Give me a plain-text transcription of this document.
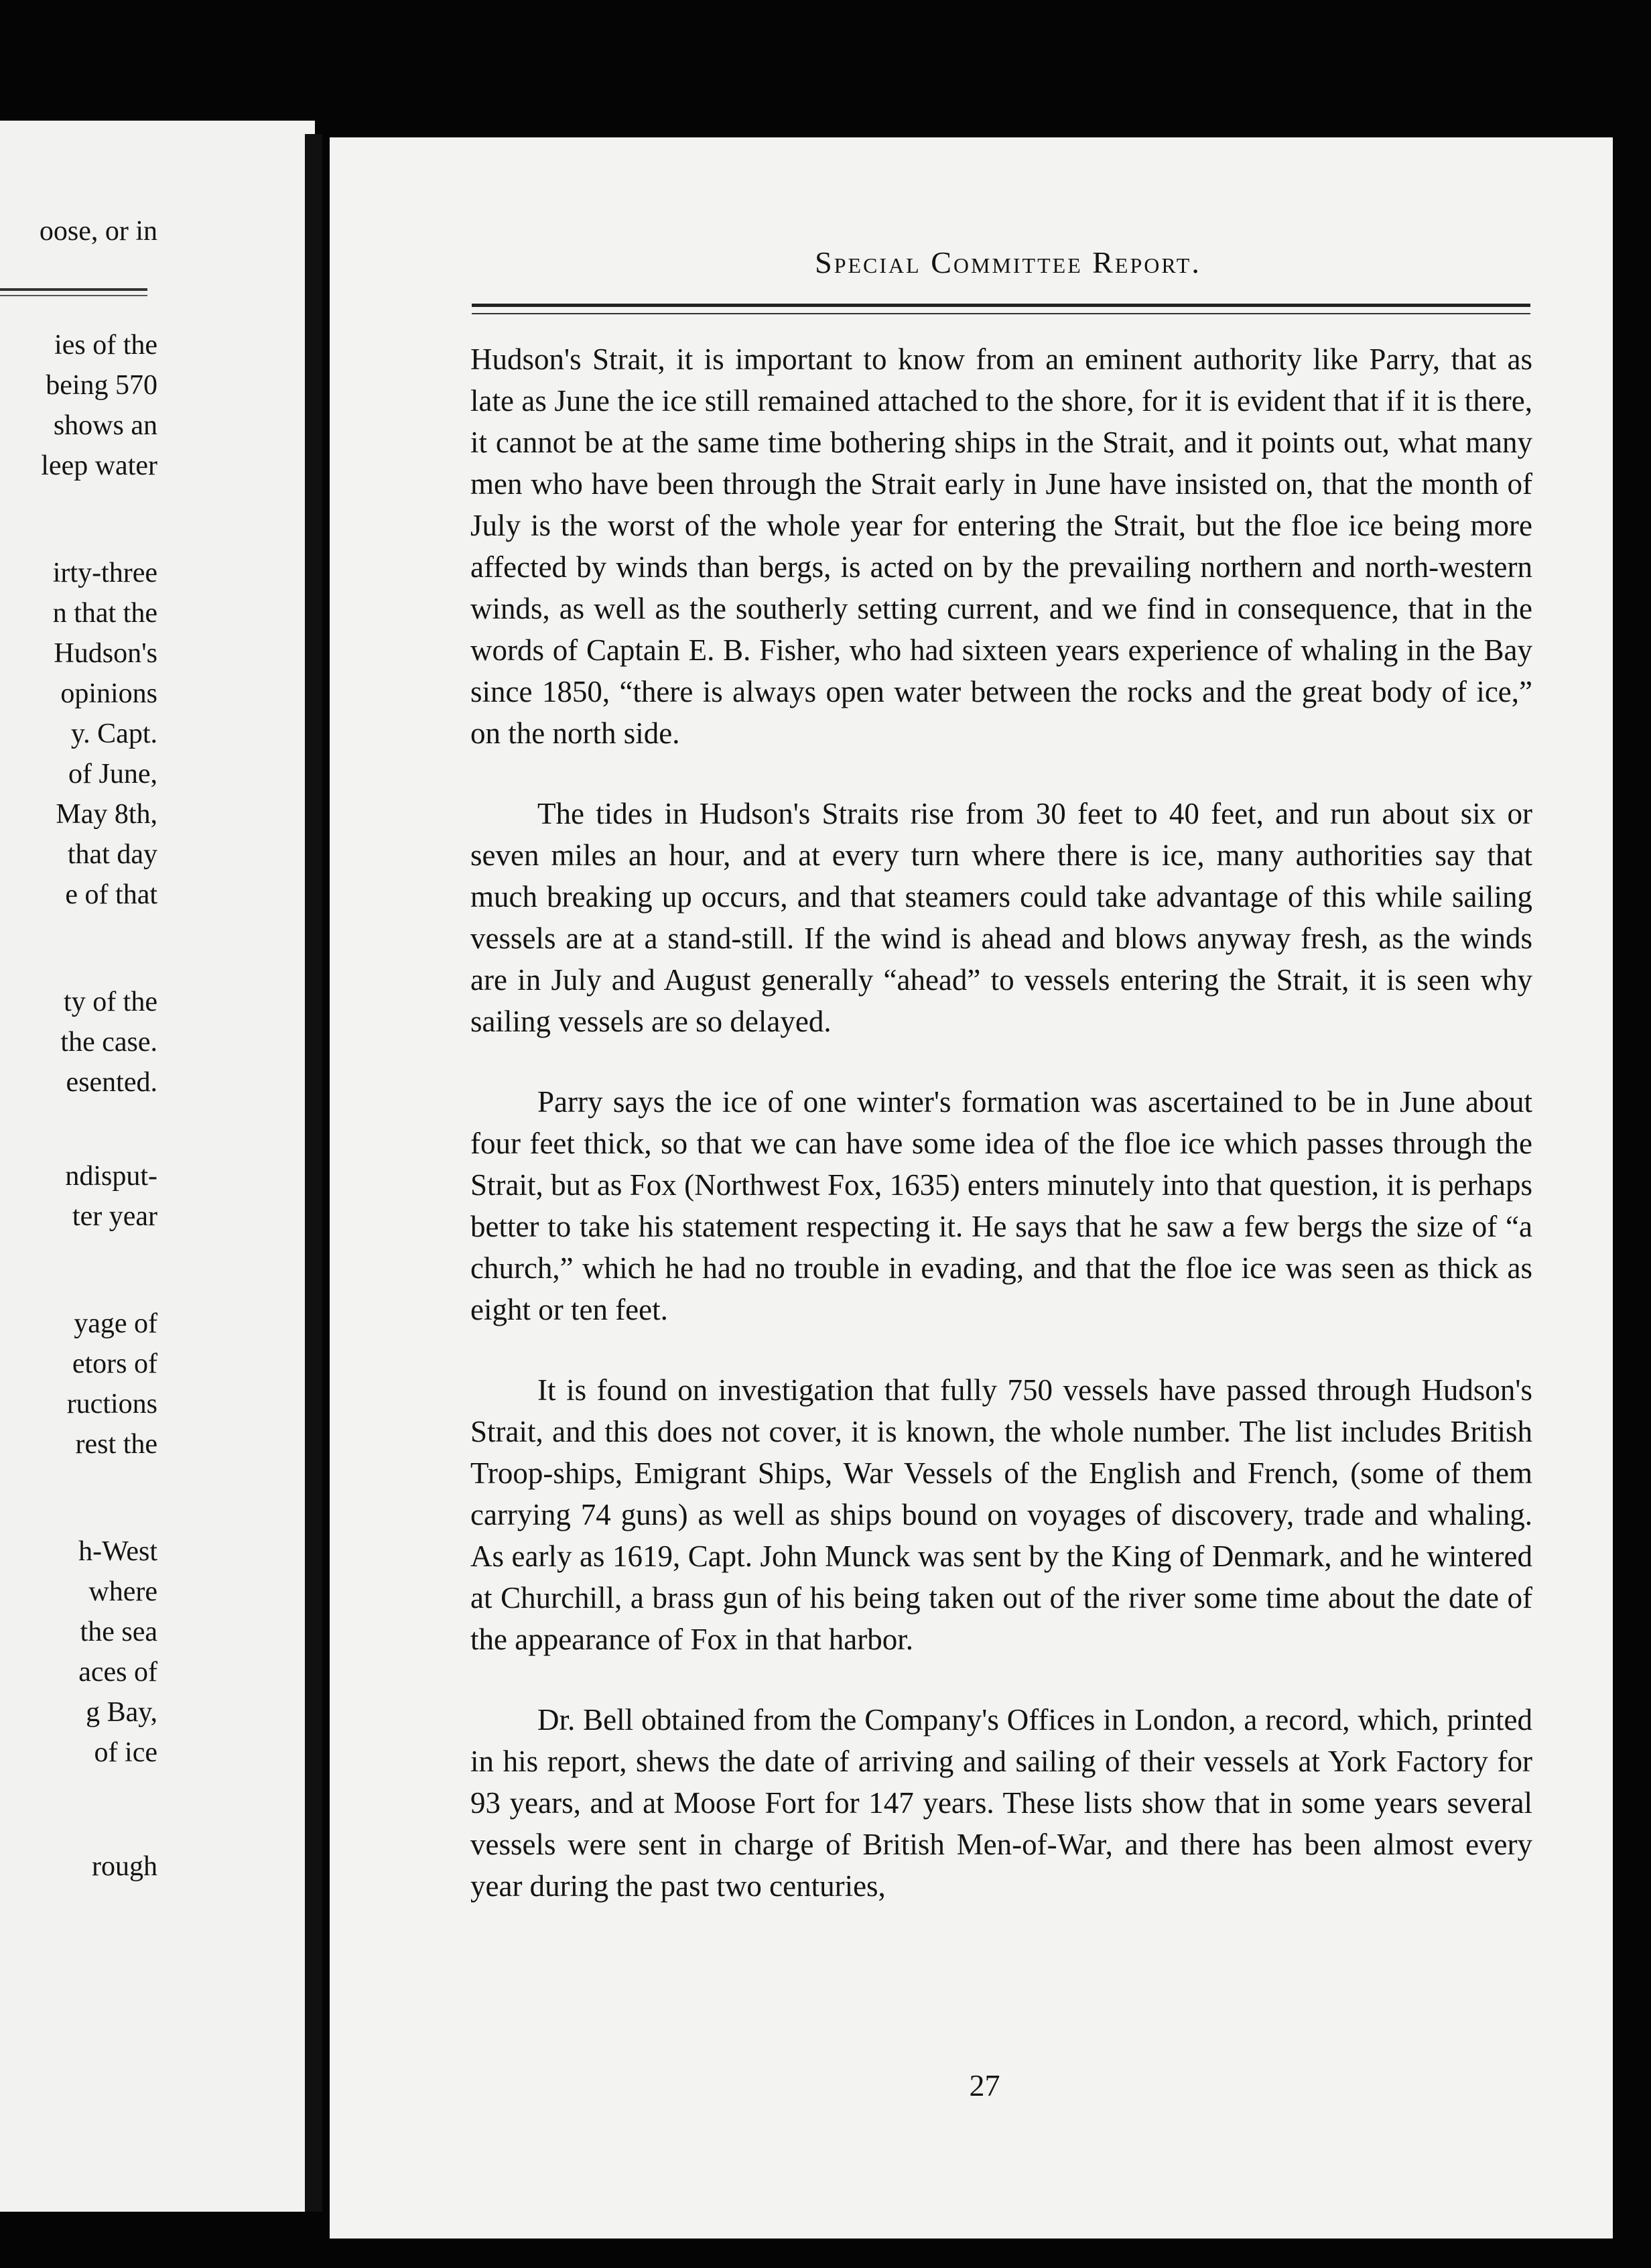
oose, or in
ies of the
being 570
shows an
leep water
irty-three
n that the
Hudson's
opinions
y. Capt.
of June,
May 8th,
that day
e of that
ty of the
the case.
esented.
ndisput-
ter year
yage of
etors of
ructions
rest the
h-West
where
the sea
aces of
g Bay,
of ice
rough
Special Committee Report.

Hudson's Strait, it is important to know from an eminent authority like Parry, that as late as June the ice still remained attached to the shore, for it is evident that if it is there, it cannot be at the same time bothering ships in the Strait, and it points out, what many men who have been through the Strait early in June have insisted on, that the month of July is the worst of the whole year for entering the Strait, but the floe ice being more affected by winds than bergs, is acted on by the prevailing northern and north-western winds, as well as the southerly setting current, and we find in consequence, that in the words of Captain E. B. Fisher, who had sixteen years experience of whaling in the Bay since 1850, “there is always open water between the rocks and the great body of ice,” on the north side.

The tides in Hudson's Straits rise from 30 feet to 40 feet, and run about six or seven miles an hour, and at every turn where there is ice, many authorities say that much breaking up occurs, and that steamers could take advantage of this while sailing vessels are at a stand-still. If the wind is ahead and blows anyway fresh, as the winds are in July and August generally “ahead” to vessels entering the Strait, it is seen why sailing vessels are so delayed.

Parry says the ice of one winter's formation was ascertained to be in June about four feet thick, so that we can have some idea of the floe ice which passes through the Strait, but as Fox (Northwest Fox, 1635) enters minutely into that question, it is perhaps better to take his statement respecting it. He says that he saw a few bergs the size of “a church,” which he had no trouble in evading, and that the floe ice was seen as thick as eight or ten feet.

It is found on investigation that fully 750 vessels have passed through Hudson's Strait, and this does not cover, it is known, the whole number. The list includes British Troop-ships, Emigrant Ships, War Vessels of the English and French, (some of them carrying 74 guns) as well as ships bound on voyages of discovery, trade and whaling. As early as 1619, Capt. John Munck was sent by the King of Denmark, and he wintered at Churchill, a brass gun of his being taken out of the river some time about the date of the appearance of Fox in that harbor.

Dr. Bell obtained from the Company's Offices in London, a record, which, printed in his report, shews the date of arriving and sailing of their vessels at York Factory for 93 years, and at Moose Fort for 147 years. These lists show that in some years several vessels were sent in charge of British Men-of-War, and there has been almost every year during the past two centuries,

27
